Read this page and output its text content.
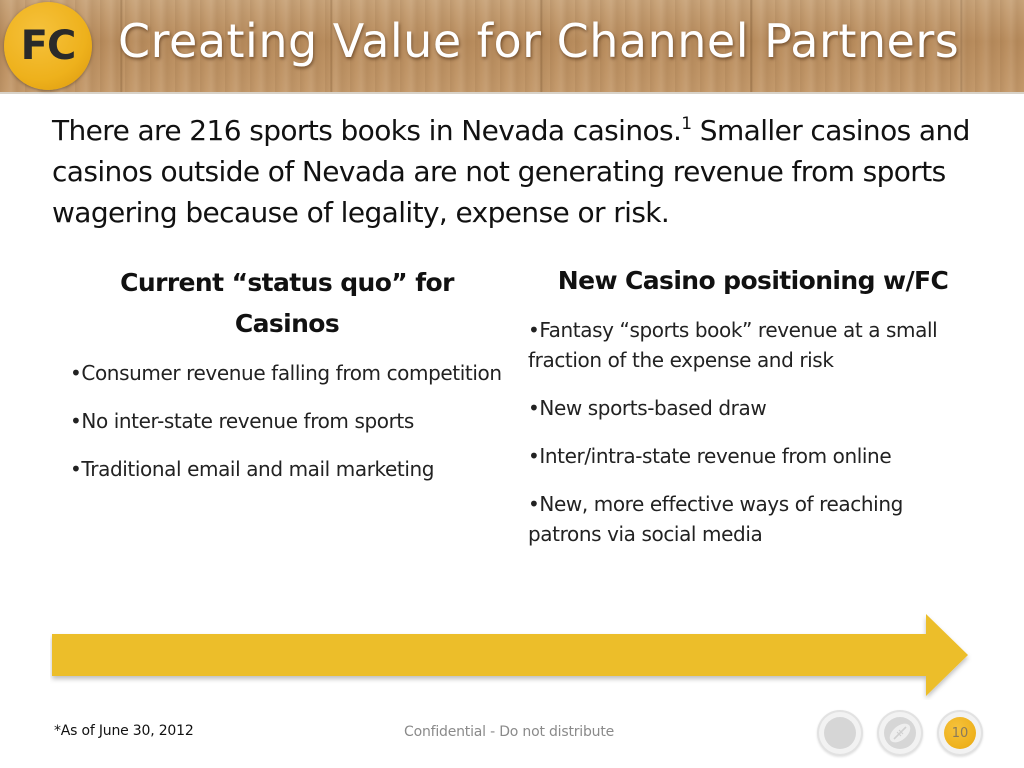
FC Creating Value for Channel Partners
There are 216 sports books in Nevada casinos.$^1$ Smaller casinos and casinos outside of Nevada are not generating revenue from sports wagering because of legality, expense or risk.
Current “status quo” for Casinos
•Consumer revenue falling from competition
•No inter-state revenue from sports
•Traditional email and mail marketing
New Casino positioning w/FC
•Fantasy “sports book” revenue at a small fraction of the expense and risk
•New sports-based draw
•Inter/intra-state revenue from online
•New, more effective ways of reaching patrons via social media
*As of June 30, 2012	Confidential - Do not distribute	10
